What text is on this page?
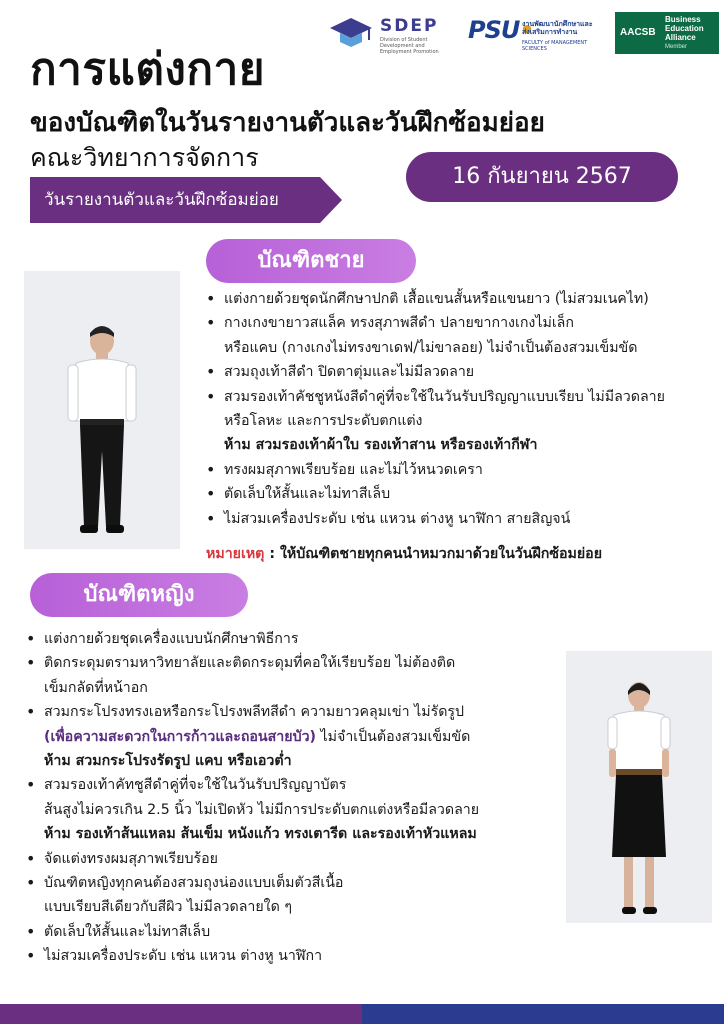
SDEP
Division of Student Development and Employment Promotion
PSU•
งานพัฒนานักศึกษาและส่งเสริมการทำงาน
FACULTY of MANAGEMENT SCIENCES
AACSB
Business Education Alliance
Member
การแต่งกาย
ของบัณฑิตในวันรายงานตัวและวันฝึกซ้อมย่อย
คณะวิทยาการจัดการ
16 กันยายน 2567
วันรายงานตัวและวันฝึกซ้อมย่อย
บัณฑิตชาย
• แต่งกายด้วยชุดนักศึกษาปกติ เสื้อแขนสั้นหรือแขนยาว (ไม่สวมเนคไท)
• กางเกงขายาวสแล็ค ทรงสุภาพสีดำ ปลายขากางเกงไม่เล็ก
หรือแคบ (กางเกงไม่ทรงขาเดฟ/ไม่ขาลอย) ไม่จำเป็นต้องสวมเข็มขัด
• สวมถุงเท้าสีดำ ปิดตาตุ่มและไม่มีลวดลาย
• สวมรองเท้าคัชชูหนังสีดำคู่ที่จะใช้ในวันรับปริญญาแบบเรียบ ไม่มีลวดลาย
หรือโลหะ และการประดับตกแต่ง
ห้าม สวมรองเท้าผ้าใบ รองเท้าสาน หรือรองเท้ากีฬา
• ทรงผมสุภาพเรียบร้อย และไม่ไว้หนวดเครา
• ตัดเล็บให้สั้นและไม่ทาสีเล็บ
• ไม่สวมเครื่องประดับ เช่น แหวน ต่างหู นาฬิกา สายสิญจน์
หมายเหตุ : ให้บัณฑิตชายทุกคนนำหมวกมาด้วยในวันฝึกซ้อมย่อย
บัณฑิตหญิง
• แต่งกายด้วยชุดเครื่องแบบนักศึกษาพิธีการ
• ติดกระดุมตรามหาวิทยาลัยและติดกระดุมที่คอให้เรียบร้อย ไม่ต้องติด
เข็มกลัดที่หน้าอก
• สวมกระโปรงทรงเอหรือกระโปรงพลีทสีดำ ความยาวคลุมเข่า ไม่รัดรูป
(เพื่อความสะดวกในการก้าวและถอนสายบัว) ไม่จำเป็นต้องสวมเข็มขัด
ห้าม สวมกระโปรงรัดรูป แคบ หรือเอวต่ำ
• สวมรองเท้าคัทชูสีดำคู่ที่จะใช้ในวันรับปริญญาบัตร
ส้นสูงไม่ควรเกิน 2.5 นิ้ว ไม่เปิดหัว ไม่มีการประดับตกแต่งหรือมีลวดลาย
ห้าม รองเท้าส้นแหลม ส้นเข็ม หนังแก้ว ทรงเตารีด และรองเท้าหัวแหลม
• จัดแต่งทรงผมสุภาพเรียบร้อย
• บัณฑิตหญิงทุกคนต้องสวมถุงน่องแบบเต็มตัวสีเนื้อ
แบบเรียบสีเดียวกับสีผิว ไม่มีลวดลายใด ๆ
• ตัดเล็บให้สั้นและไม่ทาสีเล็บ
• ไม่สวมเครื่องประดับ เช่น แหวน ต่างหู นาฬิกา
